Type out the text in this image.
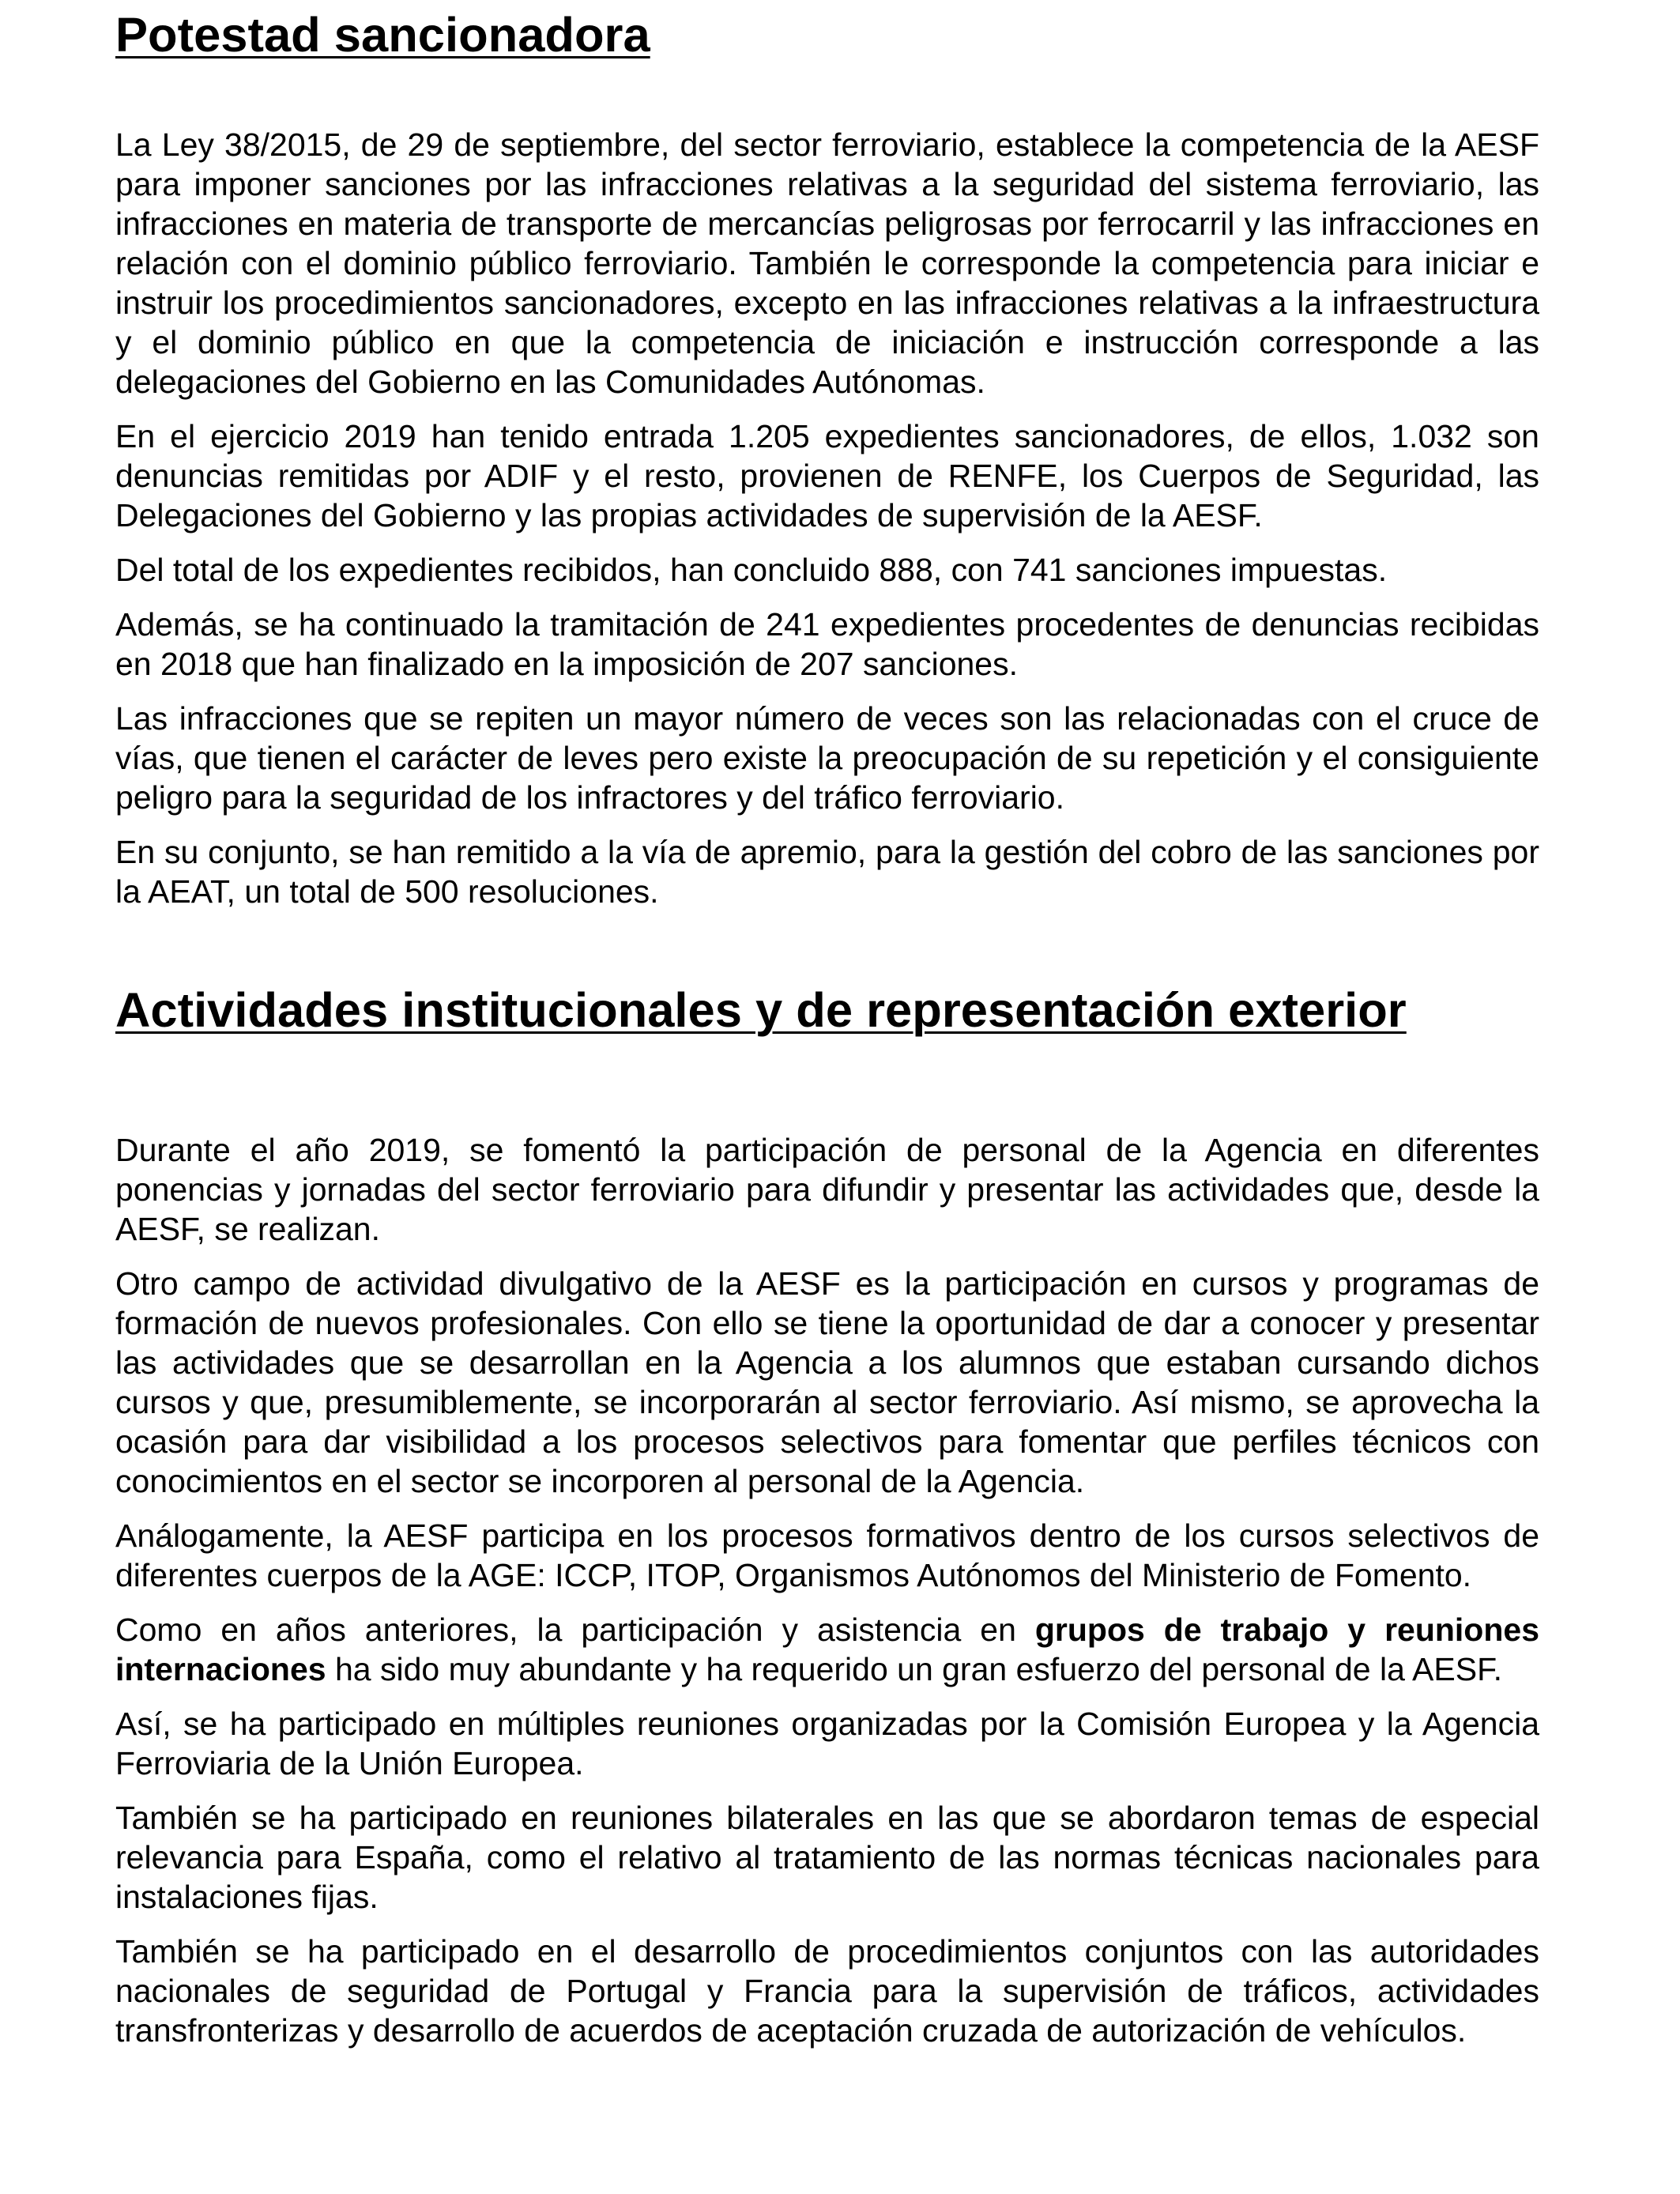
Potestad sancionadora

La Ley 38/2015, de 29 de septiembre, del sector ferroviario, establece la competencia de la AESF para imponer sanciones por las infracciones relativas a la seguridad del sistema ferroviario, las infracciones en materia de transporte de mercancías peligrosas por ferrocarril y las infracciones en relación con el dominio público ferroviario. También le corresponde la competencia para iniciar e instruir los procedimientos sancionadores, excepto en las infracciones relativas a la infraestructura y el dominio público en que la competencia de iniciación e instrucción corresponde a las delegaciones del Gobierno en las Comunidades Autónomas.

En el ejercicio 2019 han tenido entrada 1.205 expedientes sancionadores, de ellos, 1.032 son denuncias remitidas por ADIF y el resto, provienen de RENFE, los Cuerpos de Seguridad, las Delegaciones del Gobierno y las propias actividades de supervisión de la AESF.

Del total de los expedientes recibidos, han concluido 888, con 741 sanciones impuestas.

Además, se ha continuado la tramitación de 241 expedientes procedentes de denuncias recibidas en 2018 que han finalizado en la imposición de 207 sanciones.

Las infracciones que se repiten un mayor número de veces son las relacionadas con el cruce de vías, que tienen el carácter de leves pero existe la preocupación de su repetición y el consiguiente peligro para la seguridad de los infractores y del tráfico ferroviario.

En su conjunto, se han remitido a la vía de apremio, para la gestión del cobro de las sanciones por la AEAT, un total de 500 resoluciones.

Actividades institucionales y de representación exterior

Durante el año 2019, se fomentó la participación de personal de la Agencia en diferentes ponencias y jornadas del sector ferroviario para difundir y presentar las actividades que, desde la AESF, se realizan.

Otro campo de actividad divulgativo de la AESF es la participación en cursos y programas de formación de nuevos profesionales. Con ello se tiene la oportunidad de dar a conocer y presentar las actividades que se desarrollan en la Agencia a los alumnos que estaban cursando dichos cursos y que, presumiblemente, se incorporarán al sector ferroviario. Así mismo, se aprovecha la ocasión para dar visibilidad a los procesos selectivos para fomentar que perfiles técnicos con conocimientos en el sector se incorporen al personal de la Agencia.

Análogamente, la AESF participa en los procesos formativos dentro de los cursos selectivos de diferentes cuerpos de la AGE: ICCP, ITOP, Organismos Autónomos del Ministerio de Fomento.

Como en años anteriores, la participación y asistencia en grupos de trabajo y reuniones internaciones ha sido muy abundante y ha requerido un gran esfuerzo del personal de la AESF.

Así, se ha participado en múltiples reuniones organizadas por la Comisión Europea y la Agencia Ferroviaria de la Unión Europea.

También se ha participado en reuniones bilaterales en las que se abordaron temas de especial relevancia para España, como el relativo al tratamiento de las normas técnicas nacionales para instalaciones fijas.

También se ha participado en el desarrollo de procedimientos conjuntos con las autoridades nacionales de seguridad de Portugal y Francia para la supervisión de tráficos, actividades transfronterizas y desarrollo de acuerdos de aceptación cruzada de autorización de vehículos.
